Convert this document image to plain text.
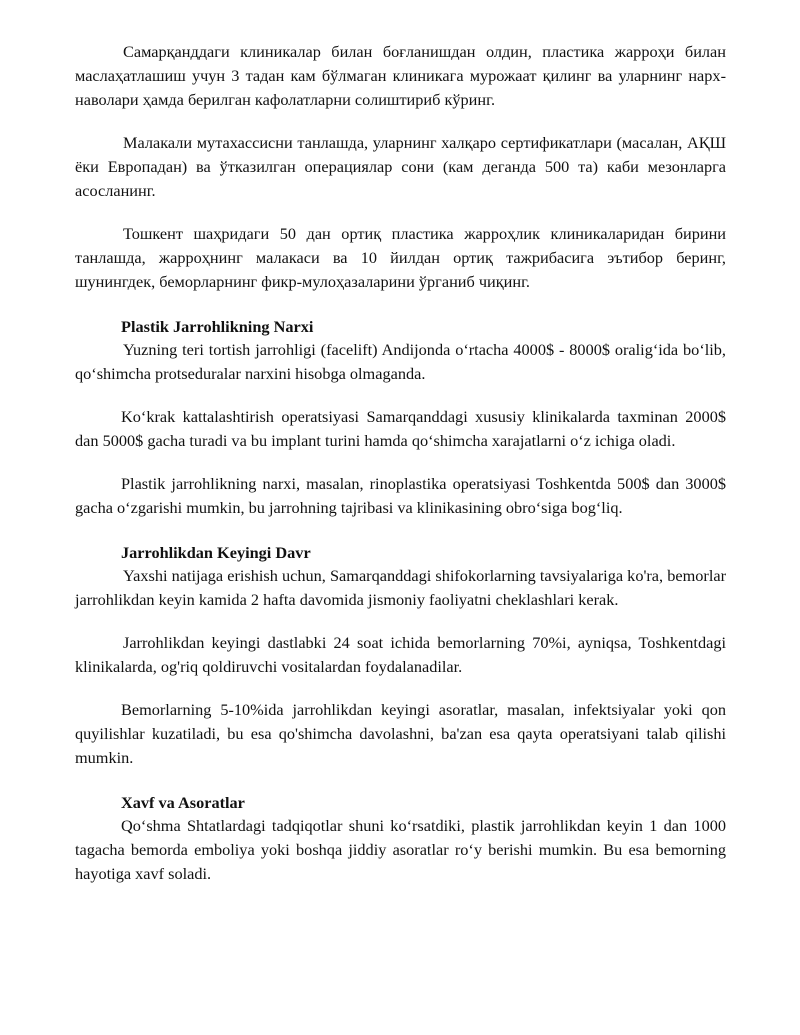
Самарқанддаги клиникалар билан боғланишдан олдин, пластика жарроҳи билан маслаҳатлашиш учун 3 тадан кам бўлмаган клиникага мурожаат қилинг ва уларнинг нарх-наволари ҳамда берилган кафолатларни солиштириб кўринг.

Малакали мутахассисни танлашда, уларнинг халқаро сертификатлари (масалан, АҚШ ёки Европадан) ва ўтказилган операциялар сони (кам деганда 500 та) каби мезонларга асосланинг.

Тошкент шаҳридаги 50 дан ортиқ пластика жарроҳлик клиникаларидан бирини танлашда, жарроҳнинг малакаси ва 10 йилдан ортиқ тажрибасига эътибор беринг, шунингдек, беморларнинг фикр-мулоҳазаларини ўрганиб чиқинг.

Plastik Jarrohlikning Narxi

Yuzning teri tortish jarrohligi (facelift) Andijonda oʻrtacha 4000$ - 8000$ oraligʻida boʻlib, qoʻshimcha protseduralar narxini hisobga olmaganda.

Koʻkrak kattalashtirish operatsiyasi Samarqanddagi xususiy klinikalarda taxminan 2000$ dan 5000$ gacha turadi va bu implant turini hamda qoʻshimcha xarajatlarni oʻz ichiga oladi.

Plastik jarrohlikning narxi, masalan, rinoplastika operatsiyasi Toshkentda 500$ dan 3000$ gacha oʻzgarishi mumkin, bu jarrohning tajribasi va klinikasining obroʻsiga bogʻliq.

Jarrohlikdan Keyingi Davr

Yaxshi natijaga erishish uchun, Samarqanddagi shifokorlarning tavsiyalariga ko'ra, bemorlar jarrohlikdan keyin kamida 2 hafta davomida jismoniy faoliyatni cheklashlari kerak.

Jarrohlikdan keyingi dastlabki 24 soat ichida bemorlarning 70%i, ayniqsa, Toshkentdagi klinikalarda, og'riq qoldiruvchi vositalardan foydalanadilar.

Bemorlarning 5-10%ida jarrohlikdan keyingi asoratlar, masalan, infektsiyalar yoki qon quyilishlar kuzatiladi, bu esa qo'shimcha davolashni, ba'zan esa qayta operatsiyani talab qilishi mumkin.

Xavf va Asoratlar

Qoʻshma Shtatlardagi tadqiqotlar shuni koʻrsatdiki, plastik jarrohlikdan keyin 1 dan 1000 tagacha bemorda emboliya yoki boshqa jiddiy asoratlar roʻy berishi mumkin. Bu esa bemorning hayotiga xavf soladi.
